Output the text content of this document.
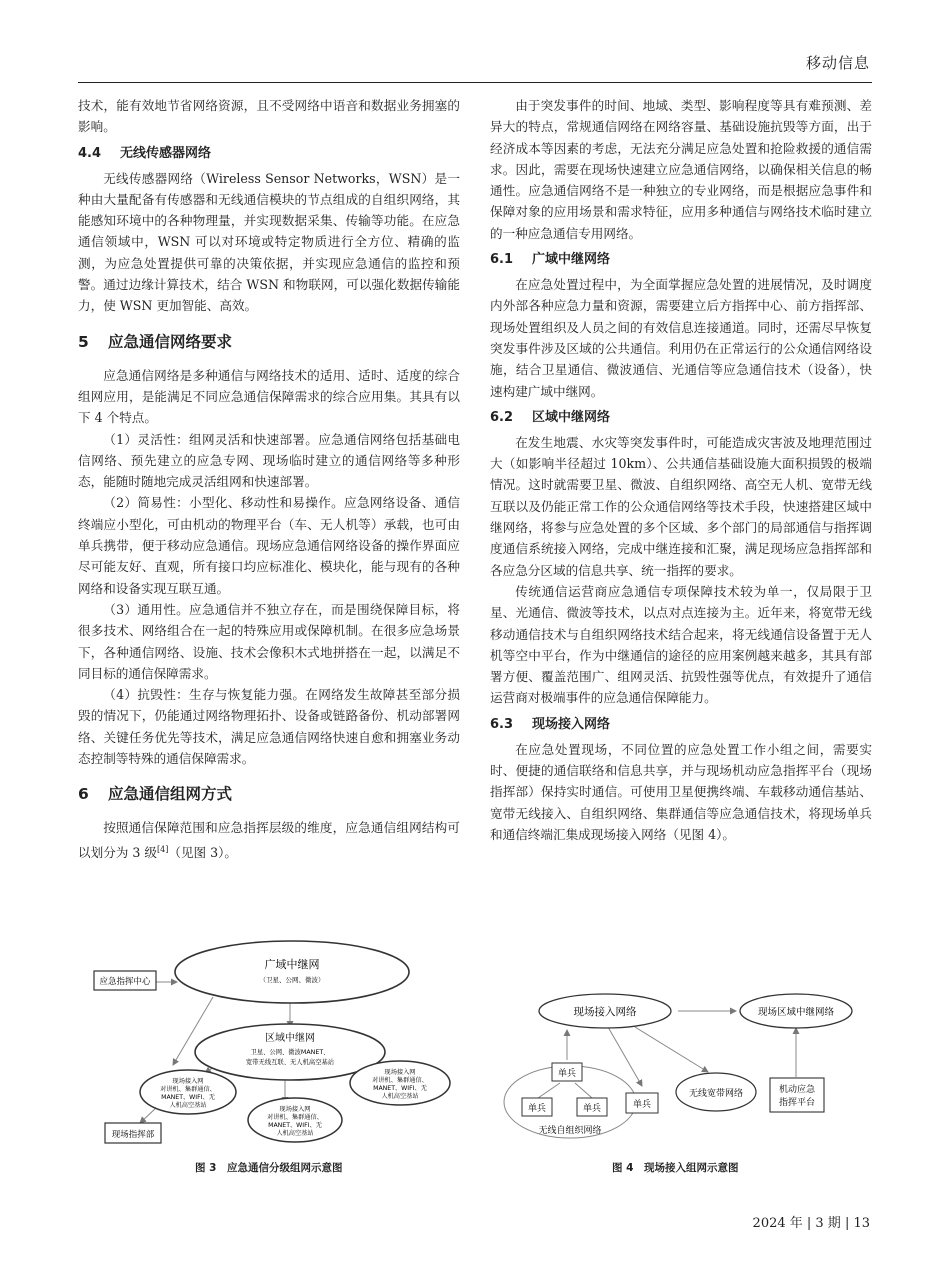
移动信息

技术，能有效地节省网络资源，且不受网络中语音和数据业务拥塞的影响。

4.4 无线传感器网络

无线传感器网络（Wireless Sensor Networks，WSN）是一种由大量配备有传感器和无线通信模块的节点组成的自组织网络，其能感知环境中的各种物理量，并实现数据采集、传输等功能。在应急通信领域中，WSN 可以对环境或特定物质进行全方位、精确的监测，为应急处置提供可靠的决策依据，并实现应急通信的监控和预警。通过边缘计算技术，结合 WSN 和物联网，可以强化数据传输能力，使 WSN 更加智能、高效。

5 应急通信网络要求

应急通信网络是多种通信与网络技术的适用、适时、适度的综合组网应用，是能满足不同应急通信保障需求的综合应用集。其具有以下 4 个特点。

（1）灵活性：组网灵活和快速部署。应急通信网络包括基础电信网络、预先建立的应急专网、现场临时建立的通信网络等多种形态，能随时随地完成灵活组网和快速部署。

（2）简易性：小型化、移动性和易操作。应急网络设备、通信终端应小型化，可由机动的物理平台（车、无人机等）承载，也可由单兵携带，便于移动应急通信。现场应急通信网络设备的操作界面应尽可能友好、直观，所有接口均应标准化、模块化，能与现有的各种网络和设备实现互联互通。

（3）通用性。应急通信并不独立存在，而是围绕保障目标，将很多技术、网络组合在一起的特殊应用或保障机制。在很多应急场景下，各种通信网络、设施、技术会像积木式地拼搭在一起，以满足不同目标的通信保障需求。

（4）抗毁性：生存与恢复能力强。在网络发生故障甚至部分损毁的情况下，仍能通过网络物理拓扑、设备或链路备份、机动部署网络、关键任务优先等技术，满足应急通信网络快速自愈和拥塞业务动态控制等特殊的通信保障需求。

6 应急通信组网方式

按照通信保障范围和应急指挥层级的维度，应急通信组网结构可以划分为 3 级[4]（见图 3）。

由于突发事件的时间、地域、类型、影响程度等具有难预测、差异大的特点，常规通信网络在网络容量、基础设施抗毁等方面，出于经济成本等因素的考虑，无法充分满足应急处置和抢险救援的通信需求。因此，需要在现场快速建立应急通信网络，以确保相关信息的畅通性。应急通信网络不是一种独立的专业网络，而是根据应急事件和保障对象的应用场景和需求特征，应用多种通信与网络技术临时建立的一种应急通信专用网络。

6.1 广域中继网络

在应急处置过程中，为全面掌握应急处置的进展情况，及时调度内外部各种应急力量和资源，需要建立后方指挥中心、前方指挥部、现场处置组织及人员之间的有效信息连接通道。同时，还需尽早恢复突发事件涉及区域的公共通信。利用仍在正常运行的公众通信网络设施，结合卫星通信、微波通信、光通信等应急通信技术（设备），快速构建广域中继网。

6.2 区域中继网络

在发生地震、水灾等突发事件时，可能造成灾害波及地理范围过大（如影响半径超过 10km）、公共通信基础设施大面积损毁的极端情况。这时就需要卫星、微波、自组织网络、高空无人机、宽带无线互联以及仍能正常工作的公众通信网络等技术手段，快速搭建区域中继网络，将参与应急处置的多个区域、多个部门的局部通信与指挥调度通信系统接入网络，完成中继连接和汇聚，满足现场应急指挥部和各应急分区域的信息共享、统一指挥的要求。

传统通信运营商应急通信专项保障技术较为单一，仅局限于卫星、光通信、微波等技术，以点对点连接为主。近年来，将宽带无线移动通信技术与自组织网络技术结合起来，将无线通信设备置于无人机等空中平台，作为中继通信的途径的应用案例越来越多，其具有部署方便、覆盖范围广、组网灵活、抗毁性强等优点，有效提升了通信运营商对极端事件的应急通信保障能力。

6.3 现场接入网络

在应急处置现场，不同位置的应急处置工作小组之间，需要实时、便捷的通信联络和信息共享，并与现场机动应急指挥平台（现场指挥部）保持实时通信。可使用卫星便携终端、车载移动通信基站、宽带无线接入、自组织网络、集群通信等应急通信技术，将现场单兵和通信终端汇集成现场接入网络（见图 4）。

广域中继网
（卫星、公网、微波）
应急指挥中心
区域中继网
卫星、公网、微波MANET、
宽带无线互联、无人机高空基站
现场接入网
对讲机、集群通信、
MANET、WIFI、无
人机高空基站
现场接入网
对讲机、集群通信、
MANET、WIFI、无
人机高空基站
现场接入网
对讲机、集群通信、
MANET、WIFI、无
人机高空基站
现场指挥部
图 3　应急通信分级组网示意图
无线自组织网络
现场接入网络	现场区域中继网络
单兵
单兵	单兵	单兵
无线宽带网络	机动应急
指挥平台
图 4　现场接入组网示意图
2024 年 | 3 期 | 13
